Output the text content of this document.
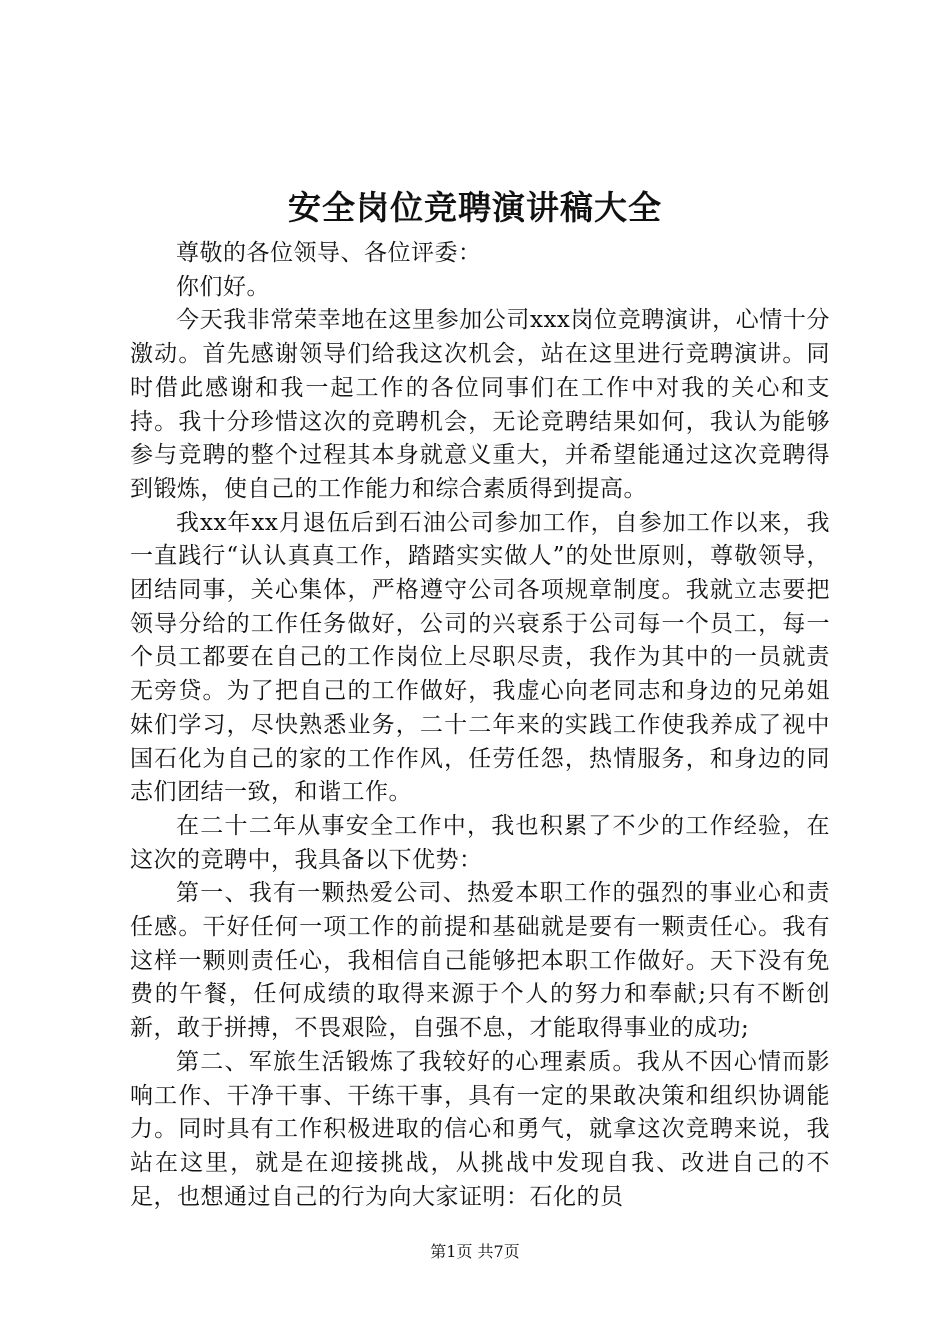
安全岗位竞聘演讲稿大全

尊敬的各位领导、各位评委：

你们好。

今天我非常荣幸地在这里参加公司xxx岗位竞聘演讲，心情十分激动。首先感谢领导们给我这次机会，站在这里进行竞聘演讲。同时借此感谢和我一起工作的各位同事们在工作中对我的关心和支持。我十分珍惜这次的竞聘机会，无论竞聘结果如何，我认为能够参与竞聘的整个过程其本身就意义重大，并希望能通过这次竞聘得到锻炼，使自己的工作能力和综合素质得到提高。

我xx年xx月退伍后到石油公司参加工作，自参加工作以来，我一直践行“认认真真工作，踏踏实实做人”的处世原则，尊敬领导，团结同事，关心集体，严格遵守公司各项规章制度。我就立志要把领导分给的工作任务做好，公司的兴衰系于公司每一个员工，每一个员工都要在自己的工作岗位上尽职尽责，我作为其中的一员就责无旁贷。为了把自己的工作做好，我虚心向老同志和身边的兄弟姐妹们学习，尽快熟悉业务，二十二年来的实践工作使我养成了视中国石化为自己的家的工作作风，任劳任怨，热情服务，和身边的同志们团结一致，和谐工作。

在二十二年从事安全工作中，我也积累了不少的工作经验，在这次的竞聘中，我具备以下优势：

第一、我有一颗热爱公司、热爱本职工作的强烈的事业心和责任感。干好任何一项工作的前提和基础就是要有一颗责任心。我有这样一颗则责任心，我相信自己能够把本职工作做好。天下没有免费的午餐，任何成绩的取得来源于个人的努力和奉献;只有不断创新，敢于拼搏，不畏艰险，自强不息，才能取得事业的成功;

第二、军旅生活锻炼了我较好的心理素质。我从不因心情而影响工作、干净干事、干练干事，具有一定的果敢决策和组织协调能力。同时具有工作积极进取的信心和勇气，就拿这次竞聘来说，我站在这里，就是在迎接挑战，从挑战中发现自我、改进自己的不足，也想通过自己的行为向大家证明：石化的员

第1页 共7页
